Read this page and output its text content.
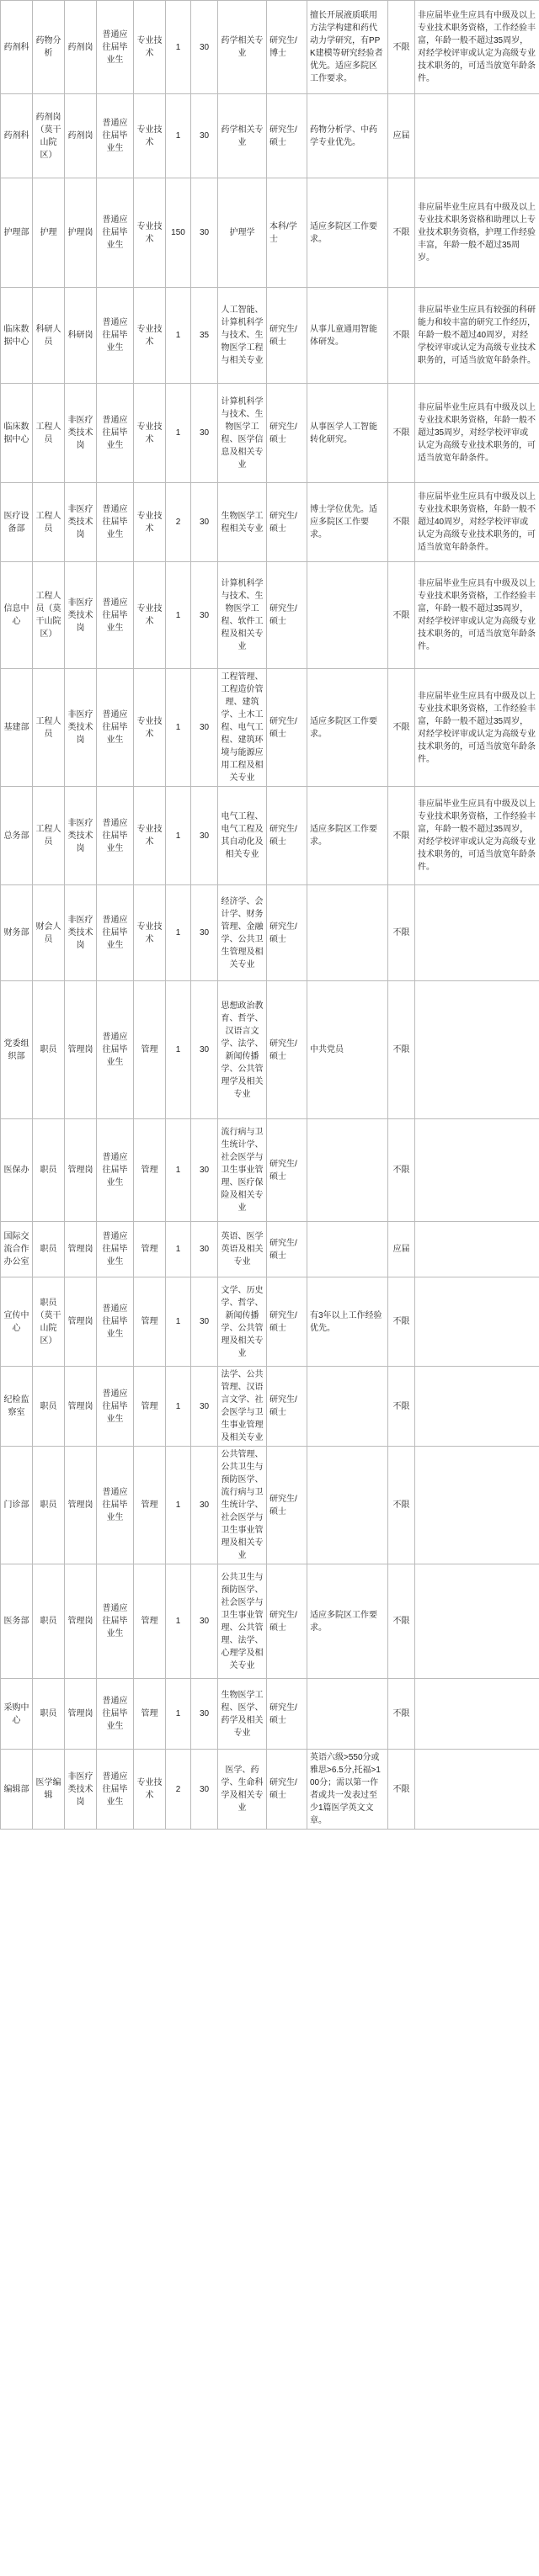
药剂科	药物分析	药剂岗	普通应往届毕业生	专业技术	1	30	药学相关专业	研究生/博士	擅长开展液质联用方法学构建和药代动力学研究，有PPK建模等研究经验者优先。适应多院区工作要求。	不限	非应届毕业生应具有中级及以上专业技术职务资格，工作经验丰富，年龄一般不超过35周岁，对经学校评审或认定为高级专业技术职务的，可适当放宽年龄条件。
药剂科	药剂岗（莫干山院区）	药剂岗	普通应往届毕业生	专业技术	1	30	药学相关专业	研究生/硕士	药物分析学、中药学专业优先。	应届	
护理部	护理	护理岗	普通应往届毕业生	专业技术	150	30	护理学	本科/学士	适应多院区工作要求。	不限	非应届毕业生应具有中级及以上专业技术职务资格和助理以上专业技术职务资格，护理工作经验丰富，年龄一般不超过35周岁。
临床数据中心	科研人员	科研岗	普通应往届毕业生	专业技术	1	35	人工智能、计算机科学与技术、生物医学工程与相关专业	研究生/硕士	从事儿童通用智能体研发。	不限	非应届毕业生应具有较强的科研能力和较丰富的研究工作经历，年龄一般不超过40周岁，对经学校评审或认定为高级专业技术职务的，可适当放宽年龄条件。
临床数据中心	工程人员	非医疗类技术岗	普通应往届毕业生	专业技术	1	30	计算机科学与技术、生物医学工程、医学信息及相关专业	研究生/硕士	从事医学人工智能转化研究。	不限	非应届毕业生应具有中级及以上专业技术职务资格，年龄一般不超过35周岁，对经学校评审或认定为高级专业技术职务的，可适当放宽年龄条件。
医疗设备部	工程人员	非医疗类技术岗	普通应往届毕业生	专业技术	2	30	生物医学工程相关专业	研究生/硕士	博士学位优先。适应多院区工作要求。	不限	非应届毕业生应具有中级及以上专业技术职务资格，年龄一般不超过40周岁，对经学校评审或认定为高级专业技术职务的，可适当放宽年龄条件。
信息中心	工程人员（莫干山院区）	非医疗类技术岗	普通应往届毕业生	专业技术	1	30	计算机科学与技术、生物医学工程、软件工程及相关专业	研究生/硕士		不限	非应届毕业生应具有中级及以上专业技术职务资格，工作经验丰富，年龄一般不超过35周岁，对经学校评审或认定为高级专业技术职务的，可适当放宽年龄条件。
基建部	工程人员	非医疗类技术岗	普通应往届毕业生	专业技术	1	30	工程管理、工程造价管理、建筑学、土木工程、电气工程、建筑环境与能源应用工程及相关专业	研究生/硕士	适应多院区工作要求。	不限	非应届毕业生应具有中级及以上专业技术职务资格，工作经验丰富，年龄一般不超过35周岁，对经学校评审或认定为高级专业技术职务的，可适当放宽年龄条件。
总务部	工程人员	非医疗类技术岗	普通应往届毕业生	专业技术	1	30	电气工程、电气工程及其自动化及相关专业	研究生/硕士	适应多院区工作要求。	不限	非应届毕业生应具有中级及以上专业技术职务资格，工作经验丰富，年龄一般不超过35周岁，对经学校评审或认定为高级专业技术职务的，可适当放宽年龄条件。
财务部	财会人员	非医疗类技术岗	普通应往届毕业生	专业技术	1	30	经济学、会计学、财务管理、金融学、公共卫生管理及相关专业	研究生/硕士		不限	
党委组织部	职员	管理岗	普通应往届毕业生	管理	1	30	思想政治教育、哲学、汉语言文学、法学、新闻传播学、公共管理学及相关专业	研究生/硕士	中共党员	不限	
医保办	职员	管理岗	普通应往届毕业生	管理	1	30	流行病与卫生统计学、社会医学与卫生事业管理、医疗保险及相关专业	研究生/硕士		不限	
国际交流合作办公室	职员	管理岗	普通应往届毕业生	管理	1	30	英语、医学英语及相关专业	研究生/硕士		应届	
宣传中心	职员（莫干山院区）	管理岗	普通应往届毕业生	管理	1	30	文学、历史学、哲学、新闻传播学、公共管理及相关专业	研究生/硕士	有3年以上工作经验优先。	不限	
纪检监察室	职员	管理岗	普通应往届毕业生	管理	1	30	法学、公共管理、汉语言文学、社会医学与卫生事业管理及相关专业	研究生/硕士		不限	
门诊部	职员	管理岗	普通应往届毕业生	管理	1	30	公共管理、公共卫生与预防医学、流行病与卫生统计学、社会医学与卫生事业管理及相关专业	研究生/硕士		不限	
医务部	职员	管理岗	普通应往届毕业生	管理	1	30	公共卫生与预防医学、社会医学与卫生事业管理、公共管理、法学、心理学及相关专业	研究生/硕士	适应多院区工作要求。	不限	
采购中心	职员	管理岗	普通应往届毕业生	管理	1	30	生物医学工程、医学、药学及相关专业	研究生/硕士		不限	
编辑部	医学编辑	非医疗类技术岗	普通应往届毕业生	专业技术	2	30	医学、药学、生命科学及相关专业	研究生/硕士	英语六级>550分或雅思>6.5分,托福>100分；需以第一作者或共一发表过至少1篇医学英文文章。	不限	
